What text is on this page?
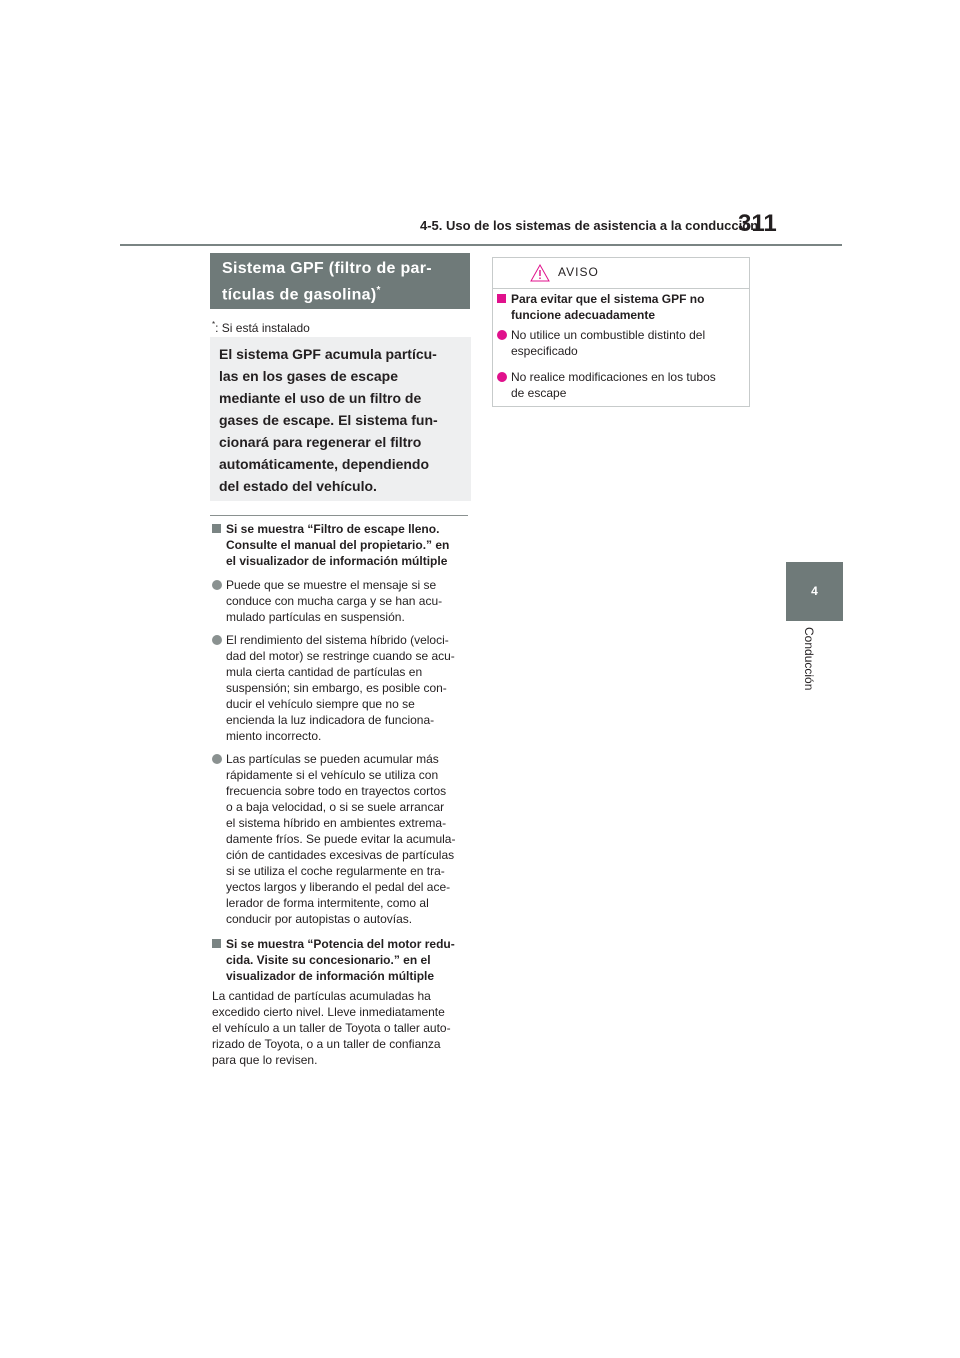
4-5. Uso de los sistemas de asistencia a la conducción
311
4
Conducción
Sistema GPF (filtro de par-
tículas de gasolina)*
*: Si está instalado
El sistema GPF acumula partícu-
las en los gases de escape
mediante el uso de un filtro de
gases de escape. El sistema fun-
cionará para regenerar el filtro
automáticamente, dependiendo
del estado del vehículo.
Si se muestra “Filtro de escape lleno.
Consulte el manual del propietario.” en
el visualizador de información múltiple
Puede que se muestre el mensaje si se
conduce con mucha carga y se han acu-
mulado partículas en suspensión.
El rendimiento del sistema híbrido (veloci-
dad del motor) se restringe cuando se acu-
mula cierta cantidad de partículas en
suspensión; sin embargo, es posible con-
ducir el vehículo siempre que no se
encienda la luz indicadora de funciona-
miento incorrecto.
Las partículas se pueden acumular más
rápidamente si el vehículo se utiliza con
frecuencia sobre todo en trayectos cortos
o a baja velocidad, o si se suele arrancar
el sistema híbrido en ambientes extrema-
damente fríos. Se puede evitar la acumula-
ción de cantidades excesivas de partículas
si se utiliza el coche regularmente en tra-
yectos largos y liberando el pedal del ace-
lerador de forma intermitente, como al
conducir por autopistas o autovías.
Si se muestra “Potencia del motor redu-
cida. Visite su concesionario.” en el
visualizador de información múltiple
La cantidad de partículas acumuladas ha
excedido cierto nivel. Lleve inmediatamente
el vehículo a un taller de Toyota o taller auto-
rizado de Toyota, o a un taller de confianza
para que lo revisen.
AVISO
Para evitar que el sistema GPF no
funcione adecuadamente
No utilice un combustible distinto del
especificado
No realice modificaciones en los tubos
de escape
